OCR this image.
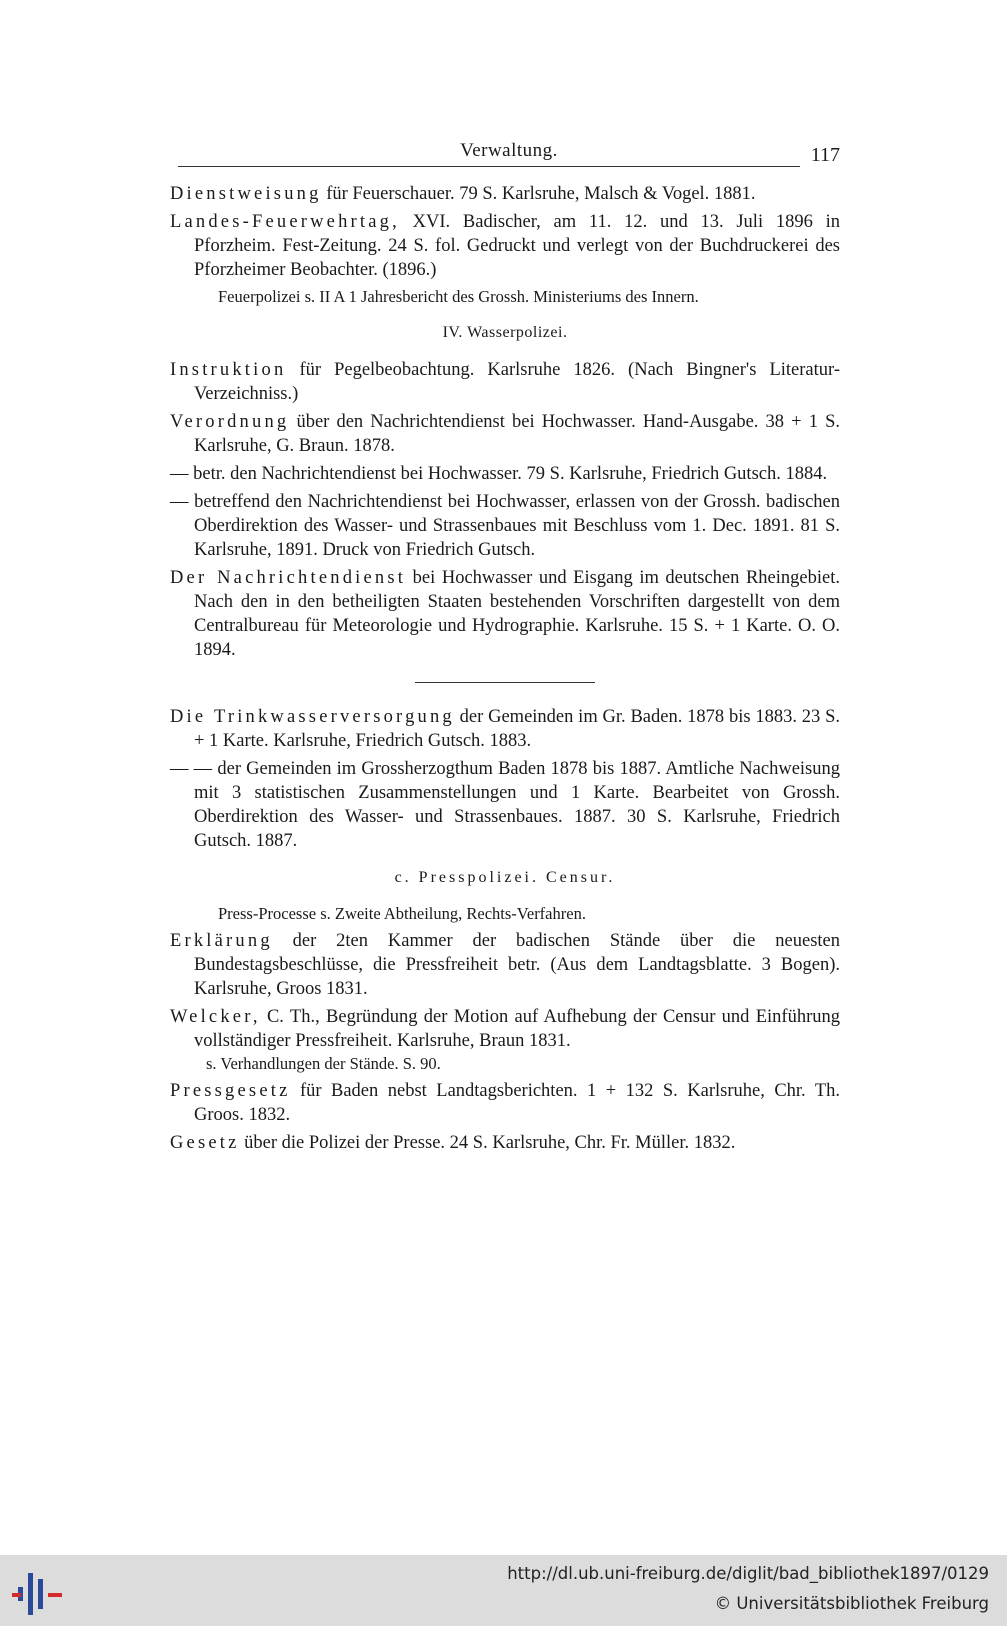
Verwaltung.	117

Dienstweisung für Feuerschauer. 79 S. Karlsruhe, Malsch & Vogel. 1881.

Landes-Feuerwehrtag, XVI. Badischer, am 11. 12. und 13. Juli 1896 in Pforzheim. Fest-Zeitung. 24 S. fol. Gedruckt und verlegt von der Buchdruckerei des Pforzheimer Beobachter. (1896.)

Feuerpolizei s. II A 1 Jahresbericht des Grossh. Ministeriums des Innern.

IV. Wasserpolizei.

Instruktion für Pegelbeobachtung. Karlsruhe 1826. (Nach Bingner's Literatur-Verzeichniss.)

Verordnung über den Nachrichtendienst bei Hochwasser. Hand-Ausgabe. 38 + 1 S. Karlsruhe, G. Braun. 1878.

— betr. den Nachrichtendienst bei Hochwasser. 79 S. Karlsruhe, Friedrich Gutsch. 1884.

— betreffend den Nachrichtendienst bei Hochwasser, erlassen von der Grossh. badischen Oberdirektion des Wasser- und Strassenbaues mit Beschluss vom 1. Dec. 1891. 81 S. Karlsruhe, 1891. Druck von Friedrich Gutsch.

Der Nachrichtendienst bei Hochwasser und Eisgang im deutschen Rheingebiet. Nach den in den betheiligten Staaten bestehenden Vorschriften dargestellt von dem Centralbureau für Meteorologie und Hydrographie. Karlsruhe. 15 S. + 1 Karte. O. O. 1894.

Die Trinkwasserversorgung der Gemeinden im Gr. Baden. 1878 bis 1883. 23 S. + 1 Karte. Karlsruhe, Friedrich Gutsch. 1883.

— — der Gemeinden im Grossherzogthum Baden 1878 bis 1887. Amtliche Nachweisung mit 3 statistischen Zusammenstellungen und 1 Karte. Bearbeitet von Grossh. Oberdirektion des Wasser- und Strassenbaues. 1887. 30 S. Karlsruhe, Friedrich Gutsch. 1887.

c. Presspolizei. Censur.

Press-Processe s. Zweite Abtheilung, Rechts-Verfahren.

Erklärung der 2ten Kammer der badischen Stände über die neuesten Bundestagsbeschlüsse, die Pressfreiheit betr. (Aus dem Landtagsblatte. 3 Bogen). Karlsruhe, Groos 1831.

Welcker, C. Th., Begründung der Motion auf Aufhebung der Censur und Einführung vollständiger Pressfreiheit. Karlsruhe, Braun 1831.

s. Verhandlungen der Stände. S. 90.

Pressgesetz für Baden nebst Landtagsberichten. 1 + 132 S. Karlsruhe, Chr. Th. Groos. 1832.

Gesetz über die Polizei der Presse. 24 S. Karlsruhe, Chr. Fr. Müller. 1832.

http://dl.ub.uni-freiburg.de/diglit/bad_bibliothek1897/0129
© Universitätsbibliothek Freiburg
